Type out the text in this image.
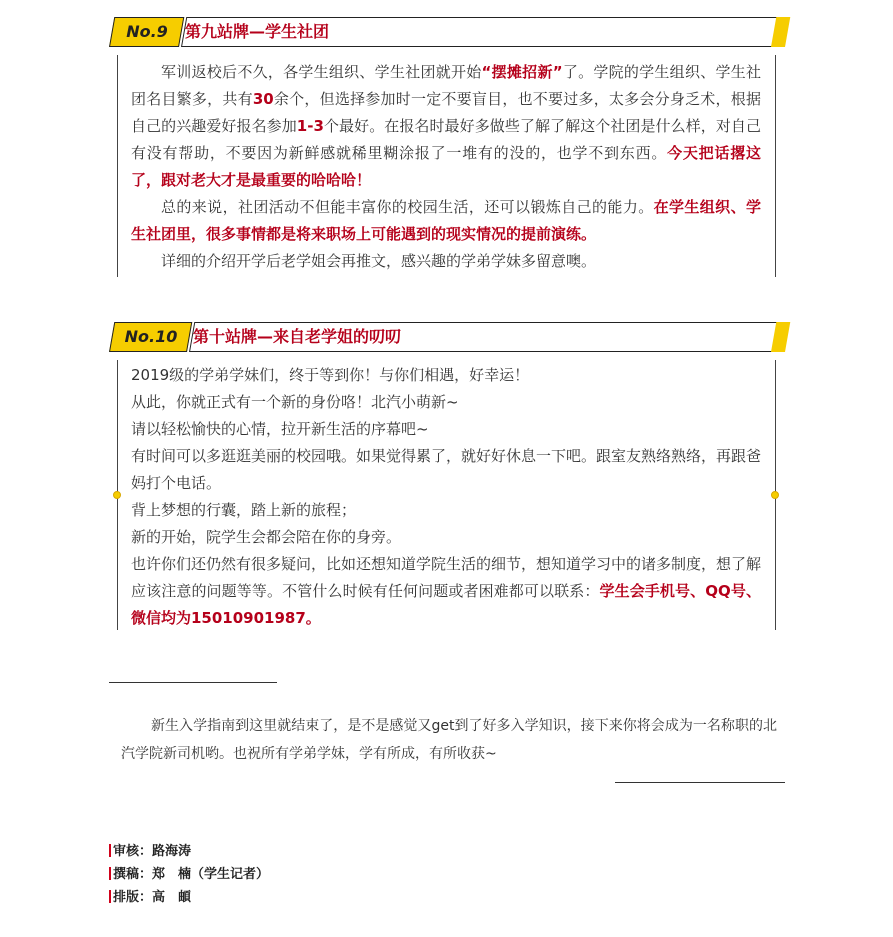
No.9	第九站牌—学生社团

军训返校后不久，各学生组织、学生社团就开始“摆摊招新”了。学院的学生组织、学生社团名目繁多，共有30余个，但选择参加时一定不要盲目，也不要过多，太多会分身乏术，根据自己的兴趣爱好报名参加1-3个最好。在报名时最好多做些了解了解这个社团是什么样，对自己有没有帮助，不要因为新鲜感就稀里糊涂报了一堆有的没的，也学不到东西。今天把话撂这了，跟对老大才是最重要的哈哈哈！

总的来说，社团活动不但能丰富你的校园生活，还可以锻炼自己的能力。在学生组织、学生社团里，很多事情都是将来职场上可能遇到的现实情况的提前演练。

详细的介绍开学后老学姐会再推文，感兴趣的学弟学妹多留意噢。

No.10 第十站牌—来自老学姐的叨叨

2019级的学弟学妹们，终于等到你！与你们相遇，好幸运！

从此，你就正式有一个新的身份咯！北汽小萌新~

请以轻松愉快的心情，拉开新生活的序幕吧~

有时间可以多逛逛美丽的校园哦。如果觉得累了，就好好休息一下吧。跟室友熟络熟络，再跟爸妈打个电话。

背上梦想的行囊，踏上新的旅程；

新的开始，院学生会都会陪在你的身旁。

也许你们还仍然有很多疑问，比如还想知道学院生活的细节，想知道学习中的诸多制度，想了解应该注意的问题等等。不管什么时候有任何问题或者困难都可以联系：学生会手机号、QQ号、微信均为15010901987。

新生入学指南到这里就结束了，是不是感觉又get到了好多入学知识，接下来你将会成为一名称职的北汽学院新司机哟。也祝所有学弟学妹，学有所成，有所收获~

审核：路海涛
撰稿：郑　楠（学生记者）
排版：高　頔
